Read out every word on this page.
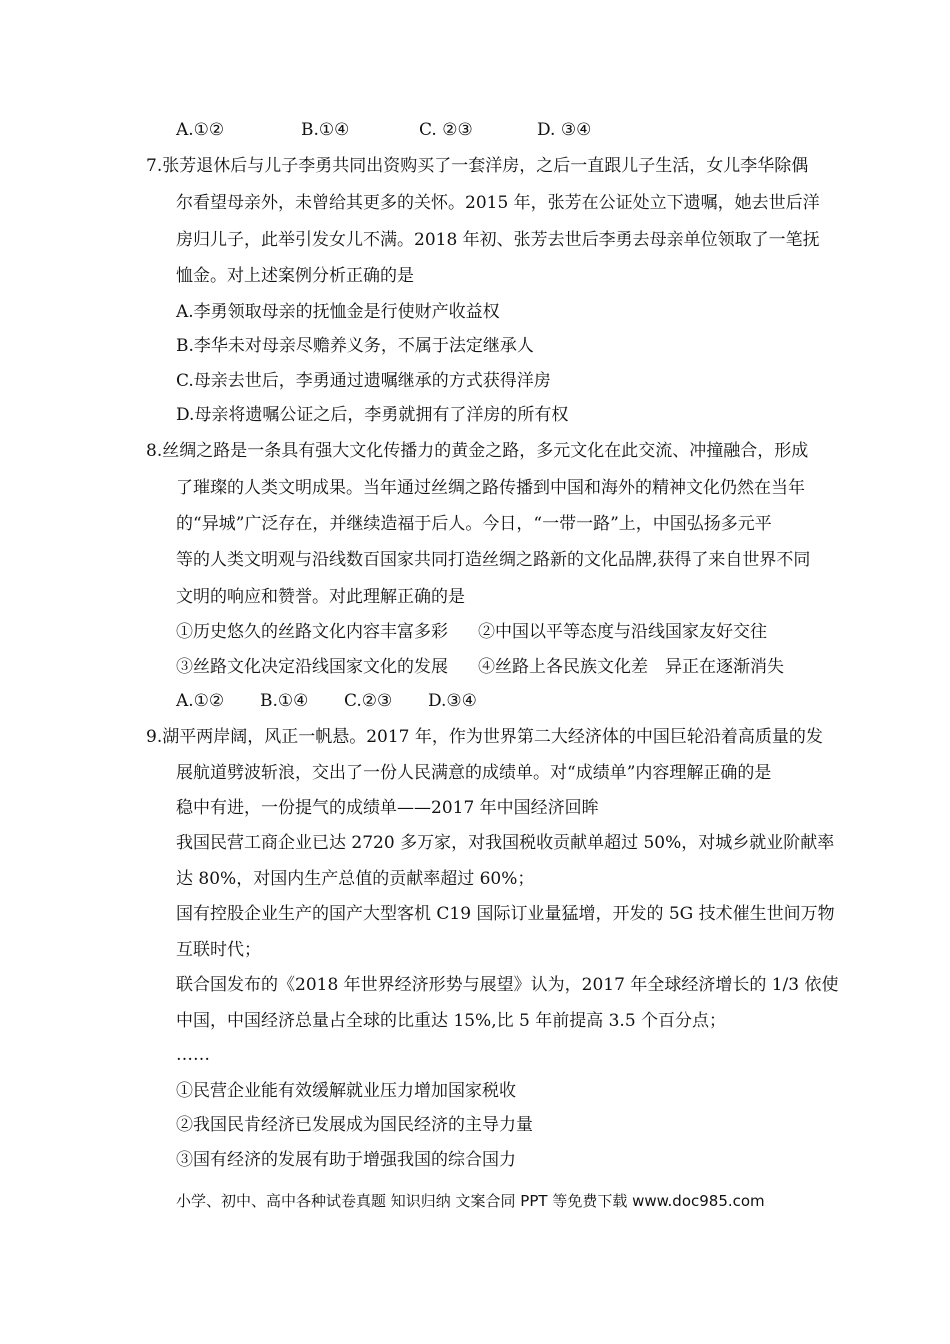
A.①②	B.①④	C. ②③	D. ③④
7.张芳退休后与儿子李勇共同出资购买了一套洋房，之后一直跟儿子生活，女儿李华除偶
尔看望母亲外，未曾给其更多的关怀。2015 年，张芳在公证处立下遗嘱，她去世后洋
房归儿子，此举引发女儿不满。2018 年初、张芳去世后李勇去母亲单位领取了一笔抚
恤金。对上述案例分析正确的是
A.李勇领取母亲的抚恤金是行使财产收益权
B.李华未对母亲尽赡养义务，不属于法定继承人
C.母亲去世后，李勇通过遗嘱继承的方式获得洋房
D.母亲将遗嘱公证之后，李勇就拥有了洋房的所有权
8.丝绸之路是一条具有强大文化传播力的黄金之路，多元文化在此交流、冲撞融合，形成
了璀璨的人类文明成果。当年通过丝绸之路传播到中国和海外的精神文化仍然在当年
的“异城”广泛存在，并继续造福于后人。今日，“一带一路”上，中国弘扬多元平
等的人类文明观与沿线数百国家共同打造丝绸之路新的文化品牌,获得了来自世界不同
文明的响应和赞誉。对此理解正确的是
①历史悠久的丝路文化内容丰富多彩 ②中国以平等态度与沿线国家友好交往
③丝路文化决定沿线国家文化的发展 ④丝路上各民族文化差　异正在逐渐消失
A.①② B.①④ C.②③ D.③④
9.湖平两岸阔，风正一帆悬。2017 年，作为世界第二大经济体的中国巨轮沿着高质量的发
展航道劈波斩浪，交出了一份人民满意的成绩单。对“成绩单”内容理解正确的是
稳中有进，一份提气的成绩单——2017 年中国经济回眸
我国民营工商企业已达 2720 多万家，对我国税收贡献单超过 50%，对城乡就业阶献率
达 80%，对国内生产总值的贡献率超过 60%；
国有控股企业生产的国产大型客机 C19 国际订业量猛增，开发的 5G 技术催生世间万物
互联时代；
联合国发布的《2018 年世界经济形势与展望》认为，2017 年全球经济增长的 1/3 依使
中国，中国经济总量占全球的比重达 15%,比 5 年前提高 3.5 个百分点；
……
①民营企业能有效缓解就业压力增加国家税收
②我国民肯经济已发展成为国民经济的主导力量
③国有经济的发展有助于增强我国的综合国力
小学、初中、高中各种试卷真题 知识归纳 文案合同 PPT 等免费下载 www.doc985.com
